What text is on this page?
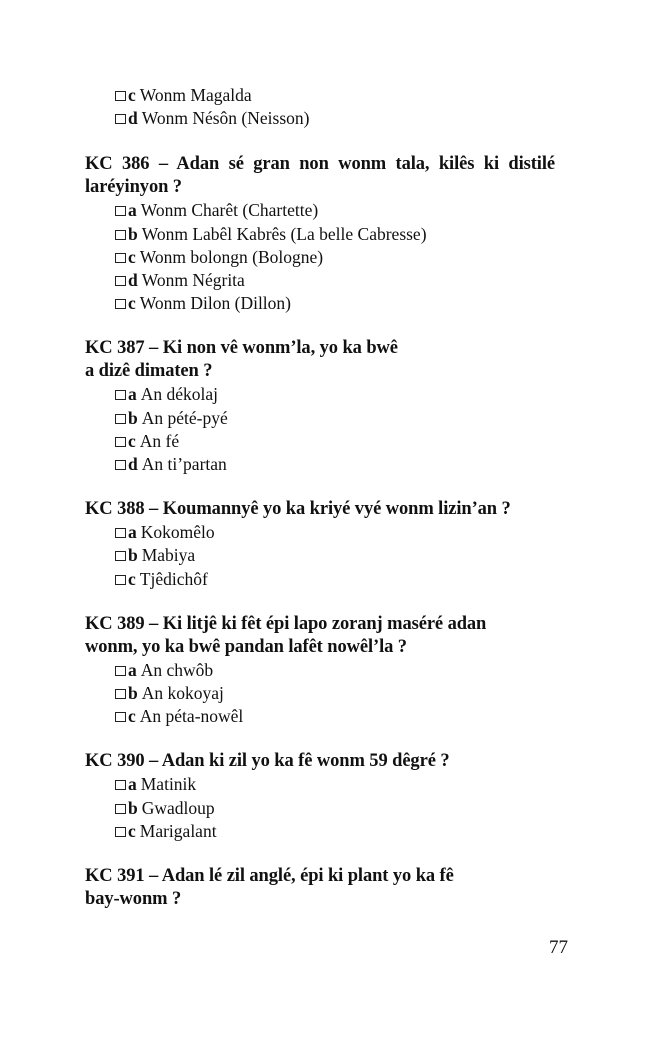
c Wonm Magalda
d Wonm Nésôn (Neisson)
KC 386 – Adan sé gran non wonm tala, kilês ki distilé
laréyinyon ?
a Wonm Charêt (Chartette)
b Wonm Labêl Kabrês (La belle Cabresse)
c Wonm bolongn (Bologne)
d Wonm Négrita
c Wonm Dilon (Dillon)
KC 387 – Ki non vê wonm’la, yo ka bwê
a dizê dimaten ?
a An dékolaj
b An pété-pyé
c An fé
d An ti’partan
KC 388 – Koumannyê yo ka kriyé vyé wonm lizin’an ?
a Kokomêlo
b Mabiya
c Tjêdichôf
KC 389 – Ki litjê ki fêt épi lapo zoranj maséré adan
wonm, yo ka bwê pandan lafêt nowêl’la ?
a An chwôb
b An kokoyaj
c An péta-nowêl
KC 390 – Adan ki zil yo ka fê wonm 59 dêgré ?
a Matinik
b Gwadloup
c Marigalant
KC 391 – Adan lé zil anglé, épi ki plant yo ka fê
bay-wonm ?
77
